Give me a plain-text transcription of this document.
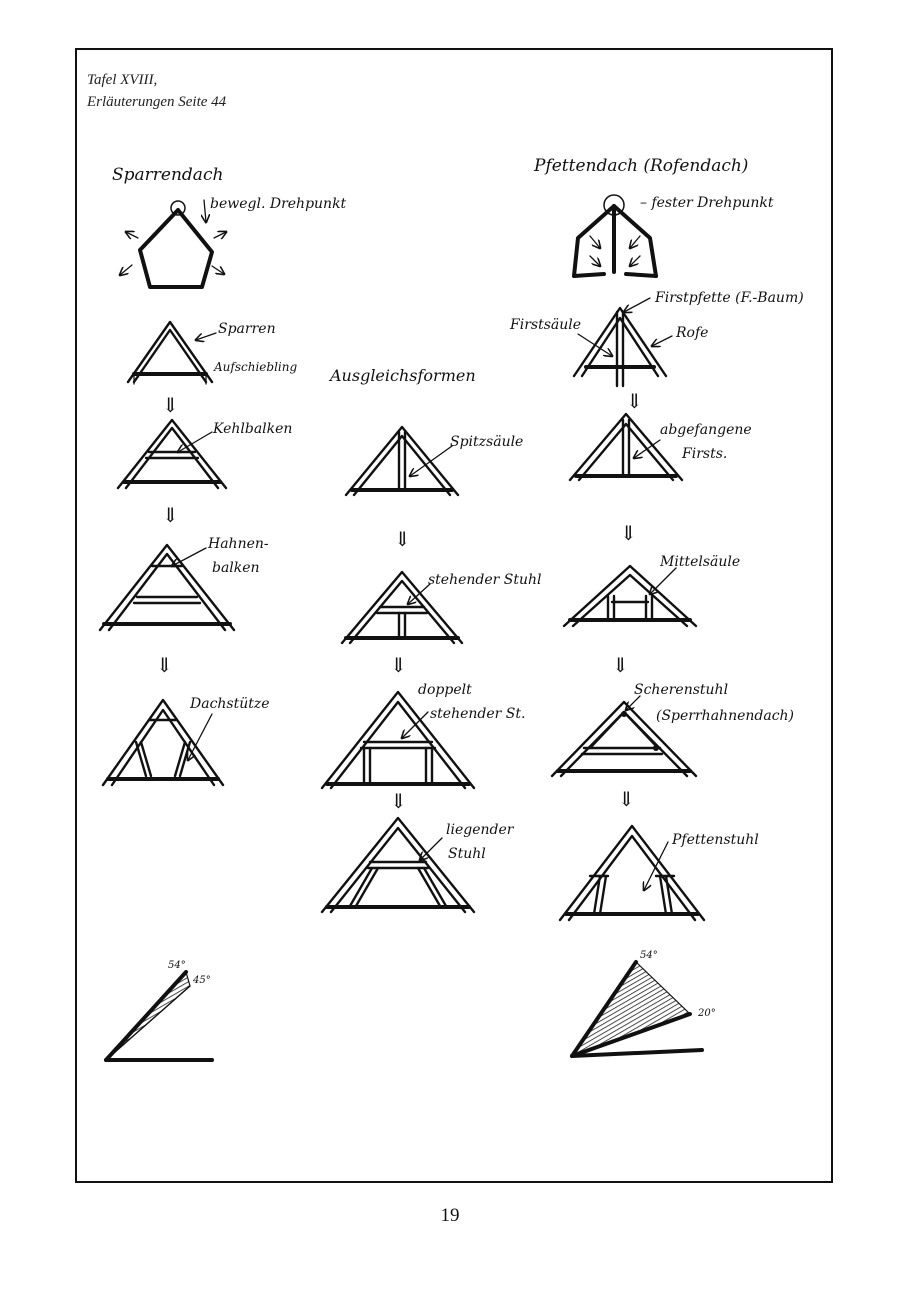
Tafel XVIII,
Erläuterungen Seite 44
19
Sparrendach
bewegl. Drehpunkt
Sparren
Aufschiebling
⇓
Kehlbalken
⇓
Hahnen-
balken
⇓
Dachstütze
54°
45°
Ausgleichsformen
Spitzsäule
⇓
stehender Stuhl
⇓
doppelt
stehender St.
⇓
liegender
Stuhl
Pfettendach (Rofendach)
– fester Drehpunkt
Firstpfette (F.-Baum)
Firstsäule	Rofe
⇓
abgefangene
Firsts.
⇓
Mittelsäule
⇓
Scherenstuhl
(Sperrhahnendach)
⇓
Pfettenstuhl
54°
20°
